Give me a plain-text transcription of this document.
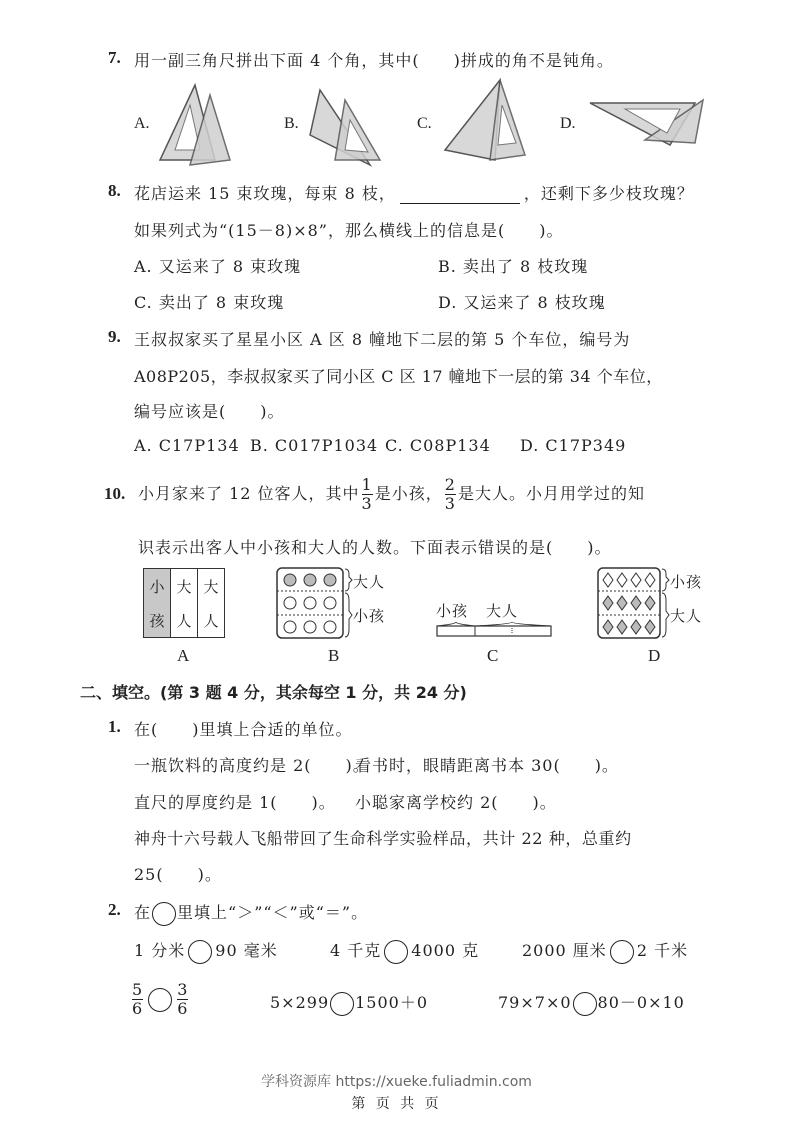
7. 用一副三角尺拼出下面 4 个角，其中(　　)拼成的角不是钝角。
A.	B.	C.	D.
8. 花店运来 15 束玫瑰，每束 8 枝，	，还剩下多少枝玫瑰？
如果列式为“(15－8)×8”，那么横线上的信息是(　　)。
A. 又运来了 8 束玫瑰	B. 卖出了 8 枝玫瑰
C. 卖出了 8 束玫瑰	D. 又运来了 8 枝玫瑰
9. 王叔叔家买了星星小区 A 区 8 幢地下二层的第 5 个车位，编号为
A08P205，李叔叔家买了同小区 C 区 17 幢地下一层的第 34 个车位，
编号应该是(　　)。
A. C17P134 B. C017P1034 C. C08P134 D. C17P349
10. 小月家来了 12 位客人，其中 $\frac{1}{3}$ 是小孩， $\frac{2}{3}$ 是大人。小月用学过的知
识表示出客人中小孩和大人的人数。下面表示错误的是(　　)。
小
孩
大
人
大
人
大人
小孩	小孩 大人
小孩
大人
A	B	C	D
二、填空。(第 3 题 4 分，其余每空 1 分，共 24 分)
1. 在(　　)里填上合适的单位。
一瓶饮料的高度约是 2(　　)。
看书时，眼睛距离书本 30(　　)。
直尺的厚度约是 1(　　)。 小聪家离学校约 2(　　)。
神舟十六号载人飞船带回了生命科学实验样品，共计 22 种，总重约
25(　　)。
2. 在 里填上“＞”“＜”或“＝”。
1 分米 90 毫米	4 千克 4000 克	2000 厘米 2 千米
$\frac{5}{6} \frac{3}{6}$	5×299 1500＋0	79×7×0 80－0×10
学科资源库 https://xueke.fuliadmin.com
第 页 共 页
